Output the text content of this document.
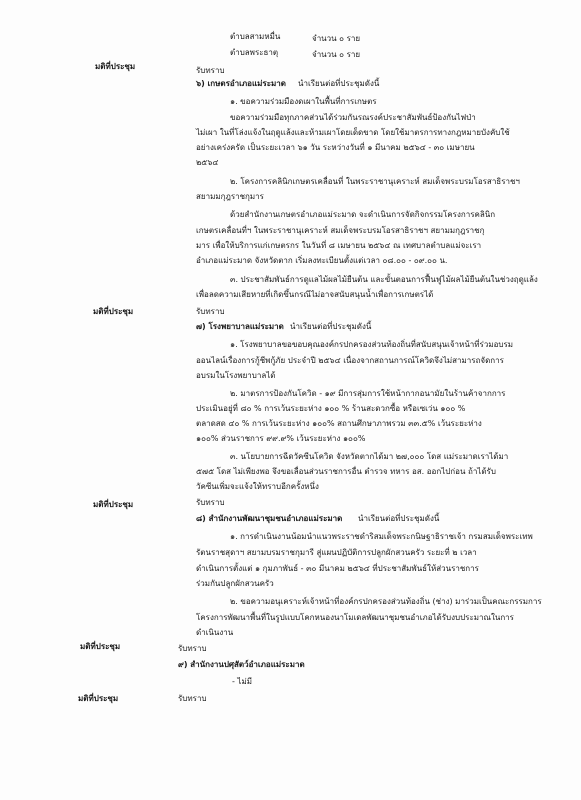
ตำบลสามหมื่น	จำนวน ๐ ราย
ตำบลพระธาตุ	จำนวน ๐ ราย
มติที่ประชุม	รับทราบ
๖) เกษตรอำเภอแม่ระมาด นำเรียนต่อที่ประชุมดังนี้
๑. ขอความร่วมมืองดเผาในพื้นที่การเกษตร
ขอความร่วมมือทุกภาคส่วนได้ร่วมกันรณรงค์ประชาสัมพันธ์ป้องกันไฟป่า
ไม่เผา ในที่โล่งแจ้งในฤดูแล้งและห้ามเผาโดยเด็ดขาด โดยใช้มาตรการทางกฎหมายบังคับใช้
อย่างเคร่งครัด เป็นระยะเวลา ๖๑ วัน ระหว่างวันที่ ๑ มีนาคม ๒๕๖๔ - ๓๐ เมษายน
๒๕๖๔
๒. โครงการคลินิกเกษตรเคลื่อนที่ ในพระราชานุเคราะห์ สมเด็จพระบรมโอรสาธิราชฯ
สยามมกุฎราชกุมาร
ด้วยสำนักงานเกษตรอำเภอแม่ระมาด จะดำเนินการจัดกิจกรรมโครงการคลินิก
เกษตรเคลื่อนที่ฯ ในพระราชานุเคราะห์ สมเด็จพระบรมโอรสาธิราชฯ สยามมกุฎราชกุ
มาร เพื่อให้บริการแก่เกษตรกร ในวันที่ ๘ เมษายน ๒๕๖๔ ณ เทศบาลตำบลแม่จะเรา
อำเภอแม่ระมาด จังหวัดตาก เริ่มลงทะเบียนตั้งแต่เวลา ๐๘.๐๐ - ๐๙.๐๐ น.
๓. ประชาสัมพันธ์การดูแลไม้ผลไม้ยืนต้น และขั้นตอนการฟื้นฟูไม้ผลไม้ยืนต้นในช่วงฤดูแล้ง
เพื่อลดความเสียหายที่เกิดขึ้นกรณีไม่อาจสนับสนุนน้ำเพื่อการเกษตรได้
มติที่ประชุม	รับทราบ
๗) โรงพยาบาลแม่ระมาด นำเรียนต่อที่ประชุมดังนี้
๑. โรงพยาบาลขอขอบคุณองค์กรปกครองส่วนท้องถิ่นที่สนับสนุนเจ้าหน้าที่ร่วมอบรม
ออนไลน์เรื่องการกู้ชีพกู้ภัย ประจำปี ๒๕๖๔ เนื่องจากสถานการณ์โควิดจึงไม่สามารถจัดการ
อบรมในโรงพยาบาลได้
๒. มาตรการป้องกันโควิด - ๑๙ มีการสุ่มการใช้หน้ากากอนามัยในร้านค้าจากการ
ประเมินอยู่ที่ ๘๐ % การเว้นระยะห่าง ๑๐๐ % ร้านสะดวกซื้อ หรือเซเว่น ๑๐๐ %
ตลาดสด ๔๐ % การเว้นระยะห่าง ๑๐๐% สถานศึกษาภาพรวม ๓๓.๕% เว้นระยะห่าง
๑๐๐% ส่วนราชการ ๙๙.๙% เว้นระยะห่าง ๑๐๐%
๓. นโยบายการฉีดวัคซีนโควิด จังหวัดตากได้มา ๒๗,๐๐๐ โดส แม่ระมาดเราได้มา
๕๗๕ โดส ไม่เพียงพอ จึงขอเลื่อนส่วนราชการอื่น ตำรวจ ทหาร อส. ออกไปก่อน ถ้าได้รับ
วัคซีนเพิ่มจะแจ้งให้ทราบอีกครั้งหนึ่ง
มติที่ประชุม	รับทราบ
๘) สำนักงานพัฒนาชุมชนอำเภอแม่ระมาด นำเรียนต่อที่ประชุมดังนี้
๑. การดำเนินงานน้อมนำแนวพระราชดำริสมเด็จพระกนิษฐาธิราชเจ้า กรมสมเด็จพระเทพ
รัตนราชสุดาฯ สยามบรมราชกุมารี สู่แผนปฏิบัติการปลูกผักสวนครัว ระยะที่ ๒ เวลา
ดำเนินการตั้งแต่ ๑ กุมภาพันธ์ - ๓๐ มีนาคม ๒๕๖๔ ที่ประชาสัมพันธ์ให้ส่วนราชการ
ร่วมกันปลูกผักสวนครัว
๒. ขอความอนุเคราะห์เจ้าหน้าที่องค์กรปกครองส่วนท้องถิ่น (ช่าง) มาร่วมเป็นคณะกรรมการ
โครงการพัฒนาพื้นที่ในรูปแบบโคกหนองนาโมเดลพัฒนาชุมชนอำเภอได้รับงบประมาณในการ
ดำเนินงาน
มติที่ประชุม	รับทราบ
๙) สำนักงานปศุสัตว์อำเภอแม่ระมาด
- ไม่มี
มติที่ประชุม	รับทราบ
